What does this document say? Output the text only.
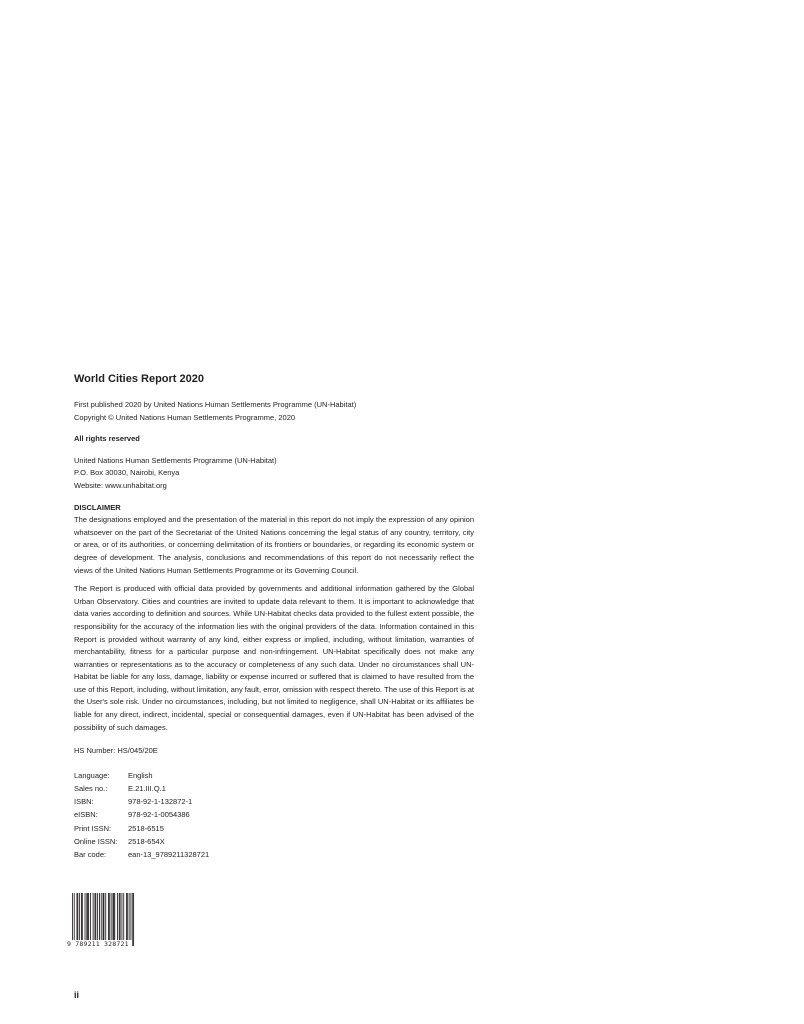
World Cities Report 2020
First published 2020 by United Nations Human Settlements Programme (UN-Habitat)
Copyright © United Nations Human Settlements Programme, 2020
All rights reserved
United Nations Human Settlements Programme (UN-Habitat)
P.O. Box 30030, Nairobi, Kenya
Website: www.unhabitat.org
DISCLAIMER

The designations employed and the presentation of the material in this report do not imply the expression of any opinion whatsoever on the part of the Secretariat of the United Nations concerning the legal status of any country, territory, city or area, or of its authorities, or concerning delimitation of its frontiers or boundaries, or regarding its economic system or degree of development. The analysis, conclusions and recommendations of this report do not necessarily reflect the views of the United Nations Human Settlements Programme or its Governing Council.

The Report is produced with official data provided by governments and additional information gathered by the Global Urban Observatory. Cities and countries are invited to update data relevant to them. It is important to acknowledge that data varies according to definition and sources. While UN-Habitat checks data provided to the fullest extent possible, the responsibility for the accuracy of the information lies with the original providers of the data. Information contained in this Report is provided without warranty of any kind, either express or implied, including, without limitation, warranties of merchantability, fitness for a particular purpose and non-infringement. UN-Habitat specifically does not make any warranties or representations as to the accuracy or completeness of any such data. Under no circumstances shall UN-Habitat be liable for any loss, damage, liability or expense incurred or suffered that is claimed to have resulted from the use of this Report, including, without limitation, any fault, error, omission with respect thereto. The use of this Report is at the User's sole risk. Under no circumstances, including, but not limited to negligence, shall UN-Habitat or its affiliates be liable for any direct, indirect, incidental, special or consequential damages, even if UN-Habitat has been advised of the possibility of such damages.

HS Number: HS/045/20E
Language:	English
Sales no.:	E.21.III.Q.1
ISBN:	978-92-1-132872-1
eISBN:	978-92-1-0054386
Print ISSN:	2518-6515
Online ISSN:	2518-654X
Bar code:	ean-13_9789211328721
9 789211 328721
ii
